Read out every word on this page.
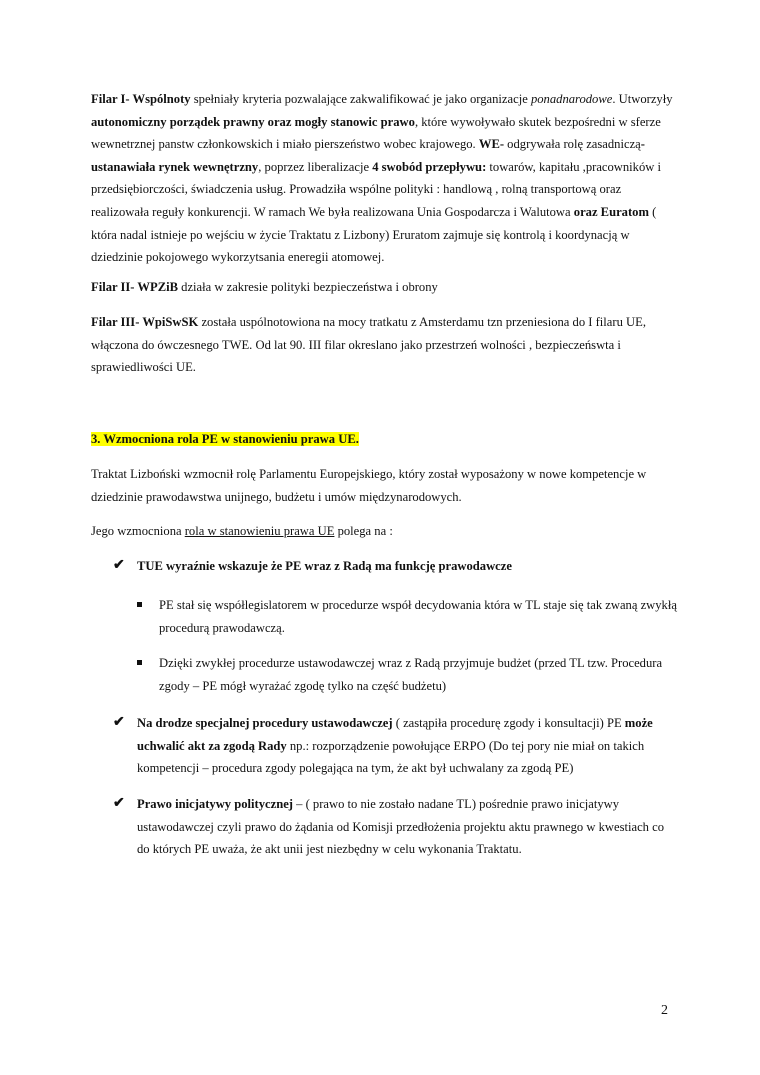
Filar I- Wspólnoty spełniały kryteria pozwalające zakwalifikować je jako organizacje ponadnarodowe. Utworzyły autonomiczny porządek prawny oraz mogły stanowic prawo, które wywoływało skutek bezpośredni w sferze wewnetrznej panstw członkowskich i miało pierszeństwo wobec krajowego. WE- odgrywała rolę zasadniczą- ustanawiała rynek wewnętrzny, poprzez liberalizacje 4 swobód przepływu: towarów, kapitału ,pracowników i przedsiębiorczości, świadczenia usług. Prowadziła wspólne polityki : handlową , rolną transportową oraz realizowała reguły konkurencji. W ramach We była realizowana Unia Gospodarcza i Walutowa oraz Euratom ( która nadal istnieje po wejściu w życie Traktatu z Lizbony) Eruratom zajmuje się kontrolą i koordynacją w dziedzinie pokojowego wykorzytsania eneregii atomowej.

Filar II- WPZiB działa w zakresie polityki bezpieczeństwa i obrony

Filar III- WpiSwSK została uspólnotowiona na mocy tratkatu z Amsterdamu tzn przeniesiona do I filaru UE, włączona do ówczesnego TWE. Od lat 90. III filar okreslano jako przestrzeń wolności , bezpieczeńswta i sprawiedliwości UE.

3. Wzmocniona rola PE w stanowieniu prawa UE.

Traktat Lizboński wzmocnił rolę Parlamentu Europejskiego, który został wyposażony w nowe kompetencje w dziedzinie prawodawstwa unijnego, budżetu i umów międzynarodowych.

Jego wzmocniona rola w stanowieniu prawa UE polega na :

✔ TUE wyraźnie wskazuje że PE wraz z Radą ma funkcję prawodawcze

PE stał się współlegislatorem w procedurze współ decydowania która w TL staje się tak zwaną zwykłą procedurą prawodawczą.

Dzięki zwykłej procedurze ustawodawczej wraz z Radą przyjmuje budżet (przed TL tzw. Procedura zgody – PE mógł wyrażać zgodę tylko na część budżetu)

✔ Na drodze specjalnej procedury ustawodawczej ( zastąpiła procedurę zgody i konsultacji) PE może uchwalić akt za zgodą Rady np.: rozporządzenie powołujące ERPO (Do tej pory nie miał on takich kompetencji – procedura zgody polegająca na tym, że akt był uchwalany za zgodą PE)

✔ Prawo inicjatywy politycznej – ( prawo to nie zostało nadane TL) pośrednie prawo inicjatywy ustawodawczej czyli prawo do żądania od Komisji przedłożenia projektu aktu prawnego w kwestiach co do których PE uważa, że akt unii jest niezbędny w celu wykonania Traktatu.

2
